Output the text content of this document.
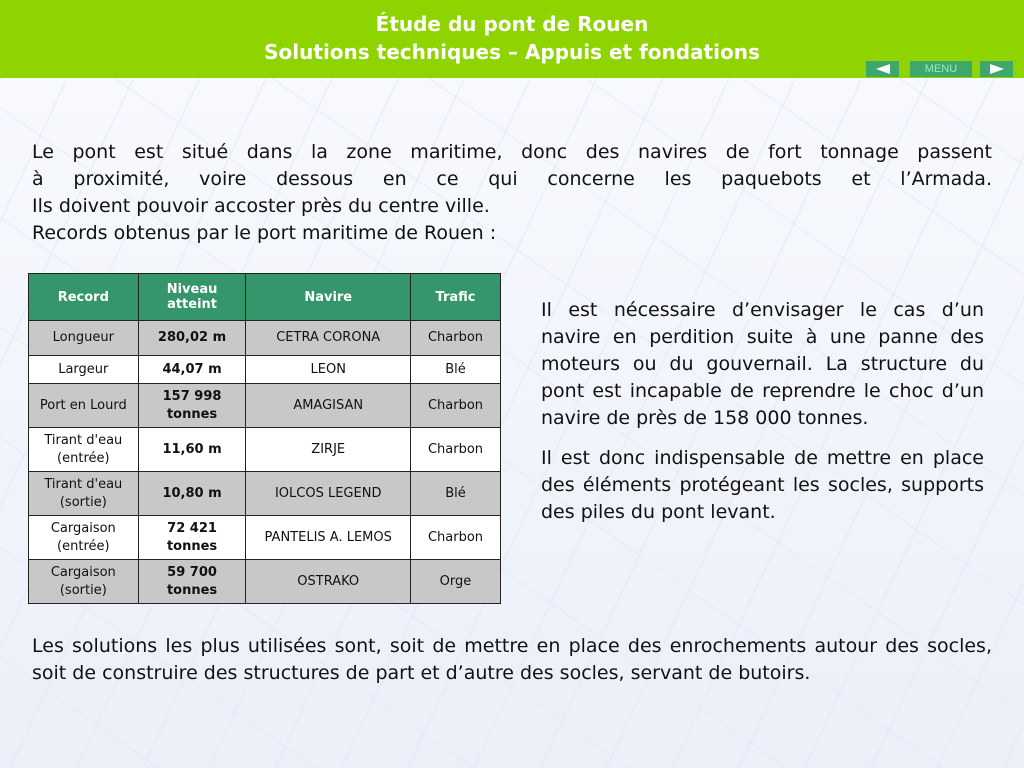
Étude du pont de Rouen
Solutions techniques – Appuis et fondations
MENU
Le pont est situé dans la zone maritime, donc des navires de fort tonnage passent
à proximité, voire dessous en ce qui concerne les paquebots et l’Armada.
Ils doivent pouvoir accoster près du centre ville.
Records obtenus par le port maritime de Rouen :
Record	Niveau atteint	Navire	Trafic
Longueur	280,02 m	CETRA CORONA	Charbon
Largeur	44,07 m	LEON	Blé
Port en Lourd	157 998 tonnes	AMAGISAN	Charbon
Tirant d'eau (entrée)	11,60 m	ZIRJE	Charbon
Tirant d'eau (sortie)	10,80 m	IOLCOS LEGEND	Blé
Cargaison (entrée)	72 421 tonnes	PANTELIS A. LEMOS	Charbon
Cargaison (sortie)	59 700 tonnes	OSTRAKO	Orge
Il est nécessaire d’envisager le cas d’un navire en perdition suite à une panne des moteurs ou du gouvernail. La structure du pont est incapable de reprendre le choc d’un navire de près de 158 000 tonnes.
Il est donc indispensable de mettre en place des éléments protégeant les socles, supports des piles du pont levant.
Les solutions les plus utilisées sont, soit de mettre en place des enrochements autour des socles, soit de construire des structures de part et d’autre des socles, servant de butoirs.
